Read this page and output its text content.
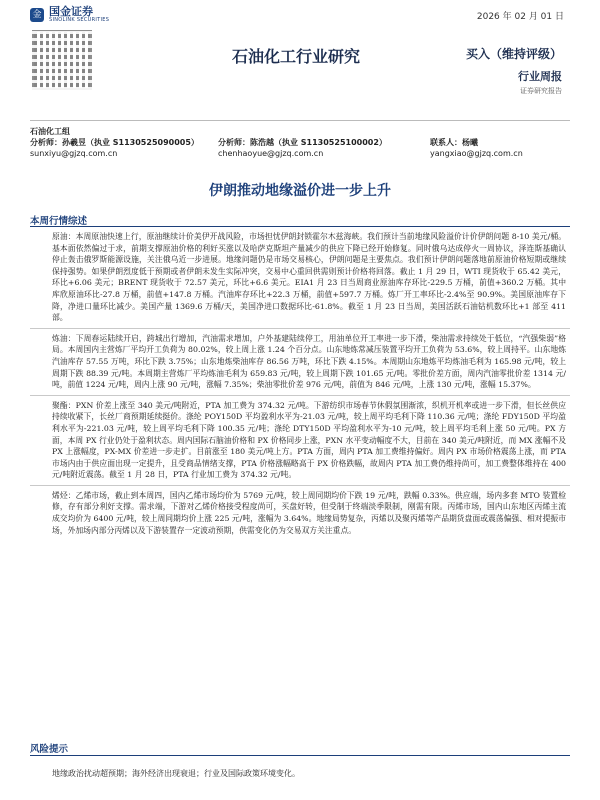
金 国金证券
SINOLINK SECURITIES	2026 年 02 月 01 日
石油化工行业研究	买入（维持评级）
行业周报
证券研究报告
石油化工组
分析师：孙羲昱（执业 S1130525090005）	分析师：陈浩越（执业 S1130525100002）	联系人：杨曦
sunxiyu@gjzq.com.cn	chenhaoyue@gjzq.com.cn	yangxiao@gjzq.com.cn
伊朗推动地缘溢价进一步上升
本周行情综述

原油：本周原油快速上行，原油继续计价美伊开战风险，市场担忧伊朗封锁霍尔木兹海峡。我们预计当前地缘风险溢价计价伊朗问题 8-10 美元/桶。基本面依然偏过于求，前期支撑原油价格的利好买涨以及哈萨克斯坦产量减少的供应下降已经开始修复。同时俄乌达成停火一周协议，泽连斯基确认停止轰击俄罗斯能源设施，关注俄乌近一步进展。地缘问题仍是市场交易核心，伊朗问题是主要焦点。我们预计伊朗问题落地前原油价格短期或继续保持强势。如果伊朗烈度低于预期或者伊朗未发生实际冲突，交易中心重回供需则预计价格将回落。截止 1 月 29 日，WTI 现货收于 65.42 美元，环比+6.06 美元；BRENT 现货收于 72.57 美元，环比+6.6 美元。EIA1 月 23 日当周商业原油库存环比-229.5 万桶，前值+360.2 万桶。其中库欣原油环比-27.8 万桶，前值+147.8 万桶。汽油库存环比+22.3 万桶，前值+597.7 万桶。炼厂开工率环比-2.4%至 90.9%。美国原油库存下降，净进口量环比减少。美国产量 1369.6 万桶/天，美国净进口数据环比-61.8%。截至 1 月 23 日当周，美国活跃石油钻机数环比+1 部至 411 部。

炼油：下周春运陆续开启，跨城出行增加，汽油需求增加，户外基建陆续停工，用油单位开工率进一步下滑，柴油需求持续处于低位，“汽强柴弱”格局。本周国内主营炼厂平均开工负荷为 80.02%，较上周上涨 1.24 个百分点。山东地炼常减压装置平均开工负荷为 53.6%，较上周持平。山东地炼汽油库存 57.55 万吨，环比下跌 3.75%；山东地炼柴油库存 86.56 万吨，环比下跌 4.15%。本周期山东地炼平均炼油毛利为 165.98 元/吨，较上周期下跌 88.39 元/吨。本周期主营炼厂平均炼油毛利为 659.83 元/吨，较上周期下跌 101.65 元/吨。零批价差方面，周内汽油零批价差 1314 元/吨，前值 1224 元/吨，周内上涨 90 元/吨，涨幅 7.35%；柴油零批价差 976 元/吨，前值为 846 元/吨，上涨 130 元/吨，涨幅 15.37%。

聚酯：PXN 价差上涨至 340 美元/吨附近，PTA 加工费为 374.32 元/吨。下游纺织市场春节休假氛围渐浓，织机开机率或进一步下滑，但长丝供应持续收紧下，长丝厂商预期延续挺价。涤纶 POY150D 平均盈利水平为-21.03 元/吨，较上周平均毛利下降 110.36 元/吨；涤纶 FDY150D 平均盈利水平为-221.03 元/吨，较上周平均毛利下降 100.35 元/吨；涤纶 DTY150D 平均盈利水平为-10 元/吨，较上周平均毛利上涨 50 元/吨。PX 方面，本周 PX 行业仍处于盈利状态。周内国际石脑油价格和 PX 价格同步上涨，PXN 水平变动幅度不大，目前在 340 美元/吨附近，而 MX 涨幅不及 PX 上涨幅度，PX-MX 价差进一步走扩。目前涨至 180 美元/吨上方。PTA 方面，周内 PTA 加工费维持偏好。周内 PX 市场价格震荡上涨，而 PTA 市场内由于供应面出现一定提升，且受商品情绪支撑，PTA 价格涨幅略高于 PX 价格跌幅，故周内 PTA 加工费仍维持尚可，加工费整体维持在 400 元/吨附近震荡。截至 1 月 28 日，PTA 行业加工费为 374.32 元/吨。

烯烃：乙烯市场，截止到本周四，国内乙烯市场均价为 5769 元/吨，较上周同期均价下跌 19 元/吨，跌幅 0.33%。供应端，场内多套 MTO 装置检修，存有部分利好支撑。需求端，下游对乙烯价格接受程度尚可，买盘好转，但受制于终端淡季限制，刚需有限。丙烯市场，国内山东地区丙烯主流成交均价为 6400 元/吨，较上周同期均价上涨 225 元/吨，涨幅为 3.64%。地缘局势复杂，丙烯以及聚丙烯等产品期货盘面或震荡偏强、相对提振市场，外加场内部分丙烯以及下游装置存一定波动预期，供需变化仍为交易双方关注重点。

风险提示
地缘政治扰动超预期；海外经济出现衰退；行业及国际政策环境变化。
